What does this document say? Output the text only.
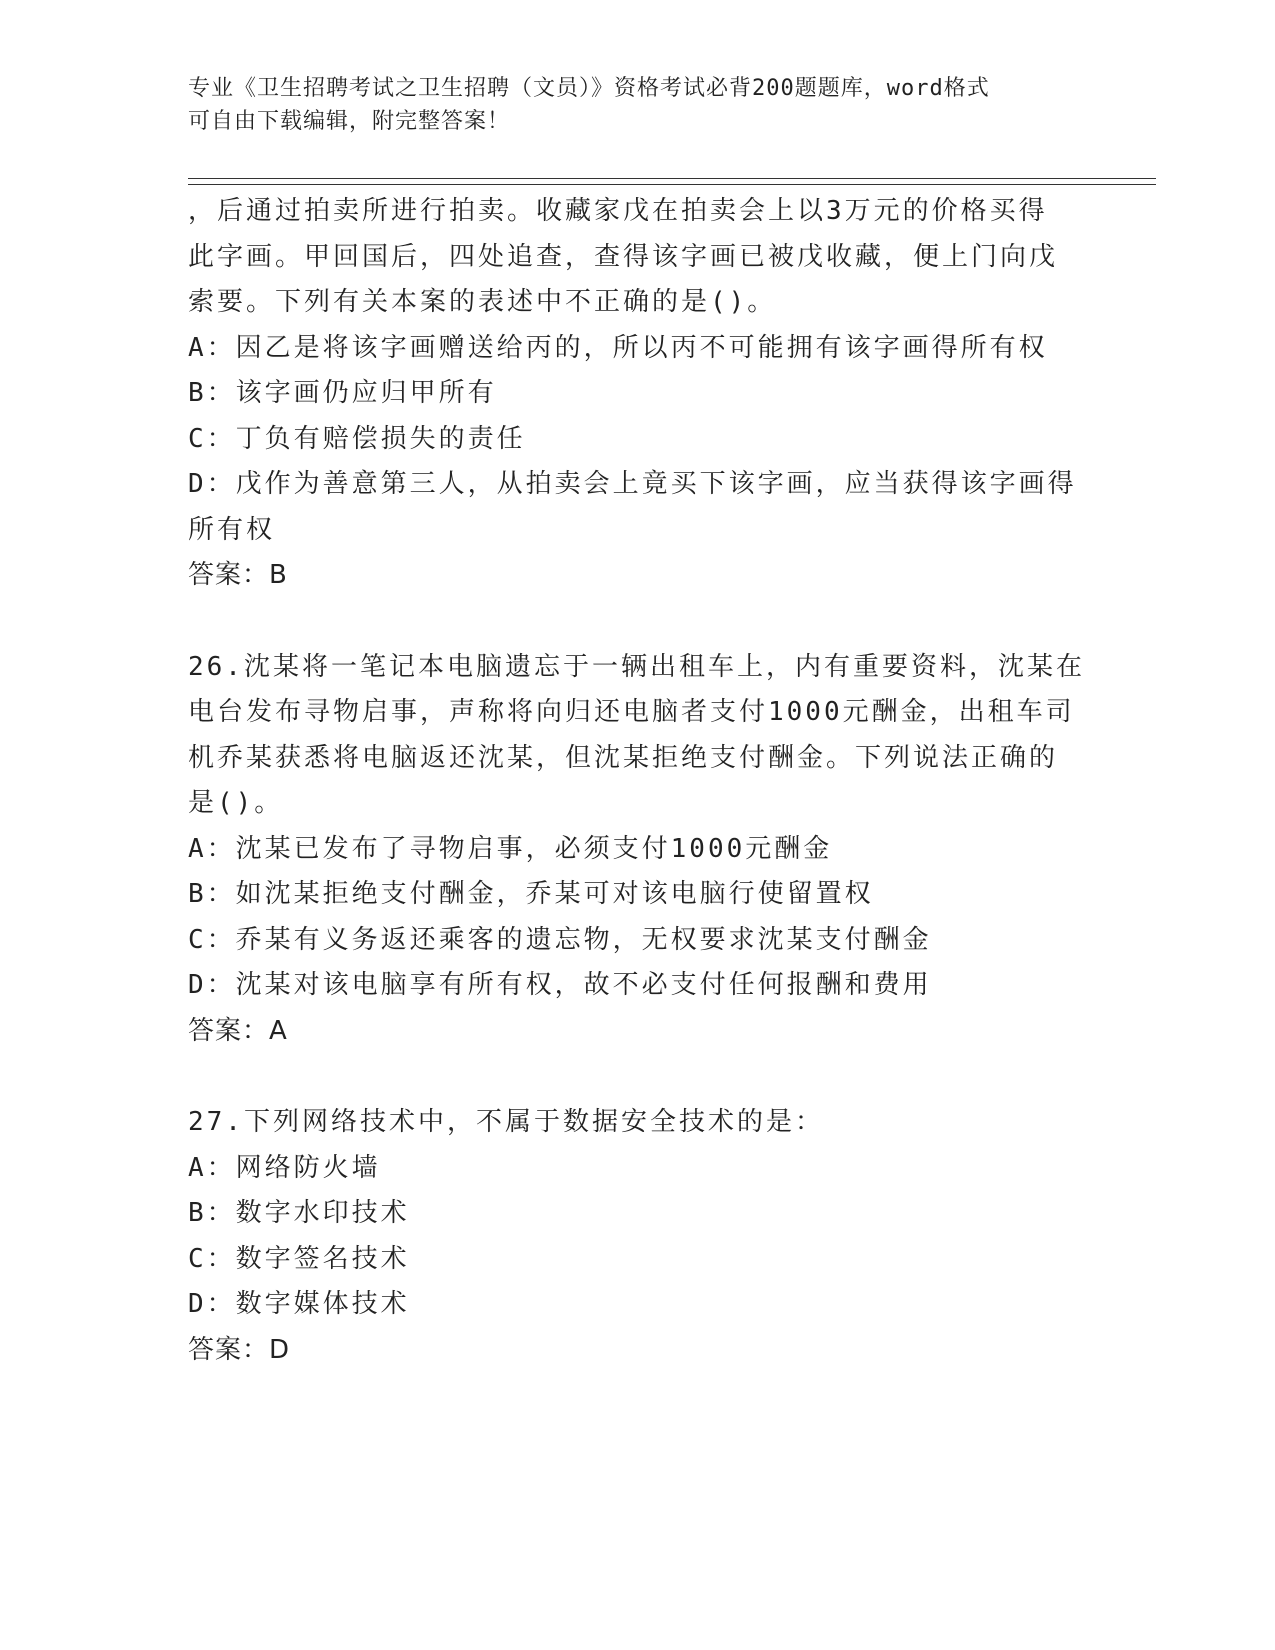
专业《卫生招聘考试之卫生招聘（文员）》资格考试必背200题题库，word格式
可自由下载编辑，附完整答案！
，后通过拍卖所进行拍卖。收藏家戊在拍卖会上以3万元的价格买得
此字画。甲回国后，四处追查，查得该字画已被戊收藏，便上门向戊
索要。下列有关本案的表述中不正确的是()。
A：因乙是将该字画赠送给丙的，所以丙不可能拥有该字画得所有权
B：该字画仍应归甲所有
C：丁负有赔偿损失的责任
D：戊作为善意第三人，从拍卖会上竟买下该字画，应当获得该字画得
所有权
答案：B
26.沈某将一笔记本电脑遗忘于一辆出租车上，内有重要资料，沈某在
电台发布寻物启事，声称将向归还电脑者支付1000元酬金，出租车司
机乔某获悉将电脑返还沈某，但沈某拒绝支付酬金。下列说法正确的
是()。
A：沈某已发布了寻物启事，必须支付1000元酬金
B：如沈某拒绝支付酬金，乔某可对该电脑行使留置权
C：乔某有义务返还乘客的遗忘物，无权要求沈某支付酬金
D：沈某对该电脑享有所有权，故不必支付任何报酬和费用
答案：A
27.下列网络技术中，不属于数据安全技术的是：
A：网络防火墙
B：数字水印技术
C：数字签名技术
D：数字媒体技术
答案：D
